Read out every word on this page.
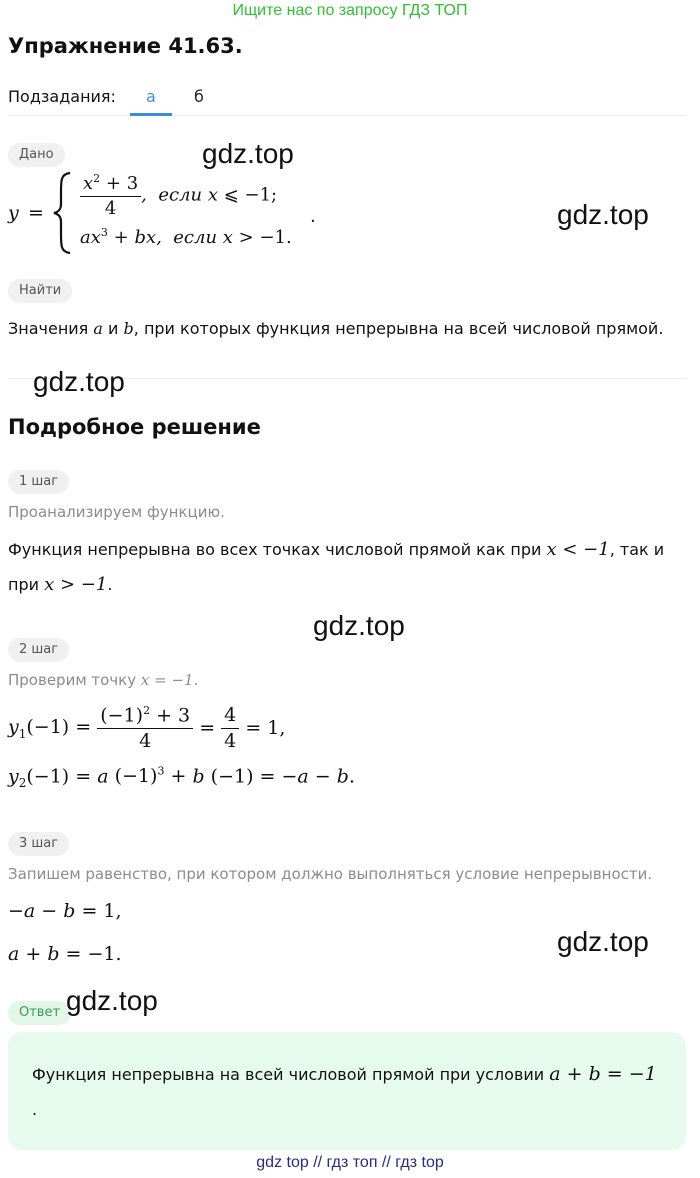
Ищите нас по запросу ГДЗ ТОП
Упражнение 41.63.
Подзадания: а б
Дано
$y = \frac{x^2 + 3}{4}$ ,  если x ⩽ −1;
$ax^3$ + bx,  если x > −1.
.
Найти
Значения a и b, при которых функция непрерывна на всей числовой прямой.
Подробное решение
1 шаг
Проанализируем функцию.
Функция непрерывна во всех точках числовой прямой как при x < −1, так и
при x > −1.
2 шаг
Проверим точку x = −1.
$y_1(-1) = \frac{(-1)^2 + 3}{4} = \frac{4}{4} = 1$,
$y_2(-1) = a$ $(-1)^3 + b$ (−1) = −a − b.
3 шаг
Запишем равенство, при котором должно выполняться условие непрерывности.
−a − b = 1,
a + b = −1.
Ответ
Функция непрерывна на всей числовой прямой при условии a + b = −1
.
gdz.top
gdz.top
gdz.top
gdz.top
gdz.top
gdz.top
gdz top // гдз топ // гдз top
